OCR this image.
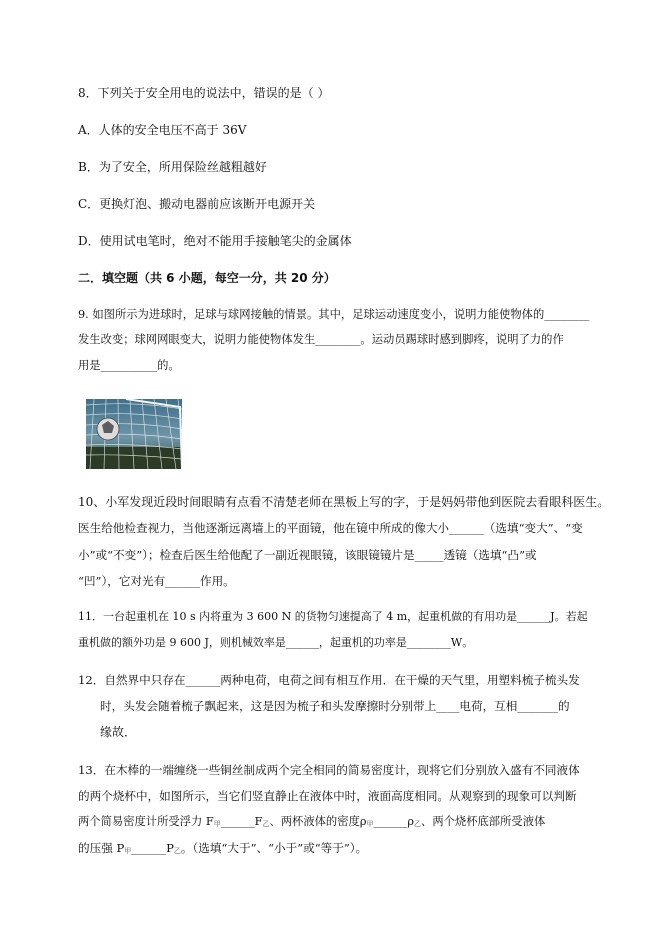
8．下列关于安全用电的说法中，错误的是（ ）
A．人体的安全电压不高于 36V
B．为了安全，所用保险丝越粗越好
C．更换灯泡、搬动电器前应该断开电源开关
D．使用试电笔时，绝对不能用手接触笔尖的金属体
二．填空题（共 6 小题，每空一分，共 20 分）
9. 如图所示为进球时，足球与球网接触的情景。其中，足球运动速度变小，说明力能使物体的________
发生改变；球网网眼变大，说明力能使物体发生________。运动员踢球时感到脚疼，说明了力的作
用是__________的。
10、小军发现近段时间眼睛有点看不清楚老师在黑板上写的字，于是妈妈带他到医院去看眼科医生。
医生给他检查视力，当他逐渐远离墙上的平面镜，他在镜中所成的像大小______（选填“变大”、“变
小”或“不变”）；检查后医生给他配了一副近视眼镜，该眼镜镜片是_____透镜（选填“凸”或
“凹”），它对光有______作用。
11．一台起重机在 10 s 内将重为 3 600 N 的货物匀速提高了 4 m，起重机做的有用功是______J。若起
重机做的额外功是 9 600 J，则机械效率是______，起重机的功率是________W。
12．自然界中只存在______两种电荷，电荷之间有相互作用．在干燥的天气里，用塑料梳子梳头发
时，头发会随着梳子飘起来，这是因为梳子和头发摩擦时分别带上____电荷，互相_______的
缘故．
13．在木棒的一端缠绕一些铜丝制成两个完全相同的简易密度计，现将它们分别放入盛有不同液体
的两个烧杯中，如图所示，当它们竖直静止在液体中时，液面高度相同。从观察到的现象可以判断
两个简易密度计所受浮力 F甲______F乙、两杯液体的密度ρ甲______ρ乙、两个烧杯底部所受液体
的压强 P甲______P乙。（选填“大于”、“小于”或“等于”）。
